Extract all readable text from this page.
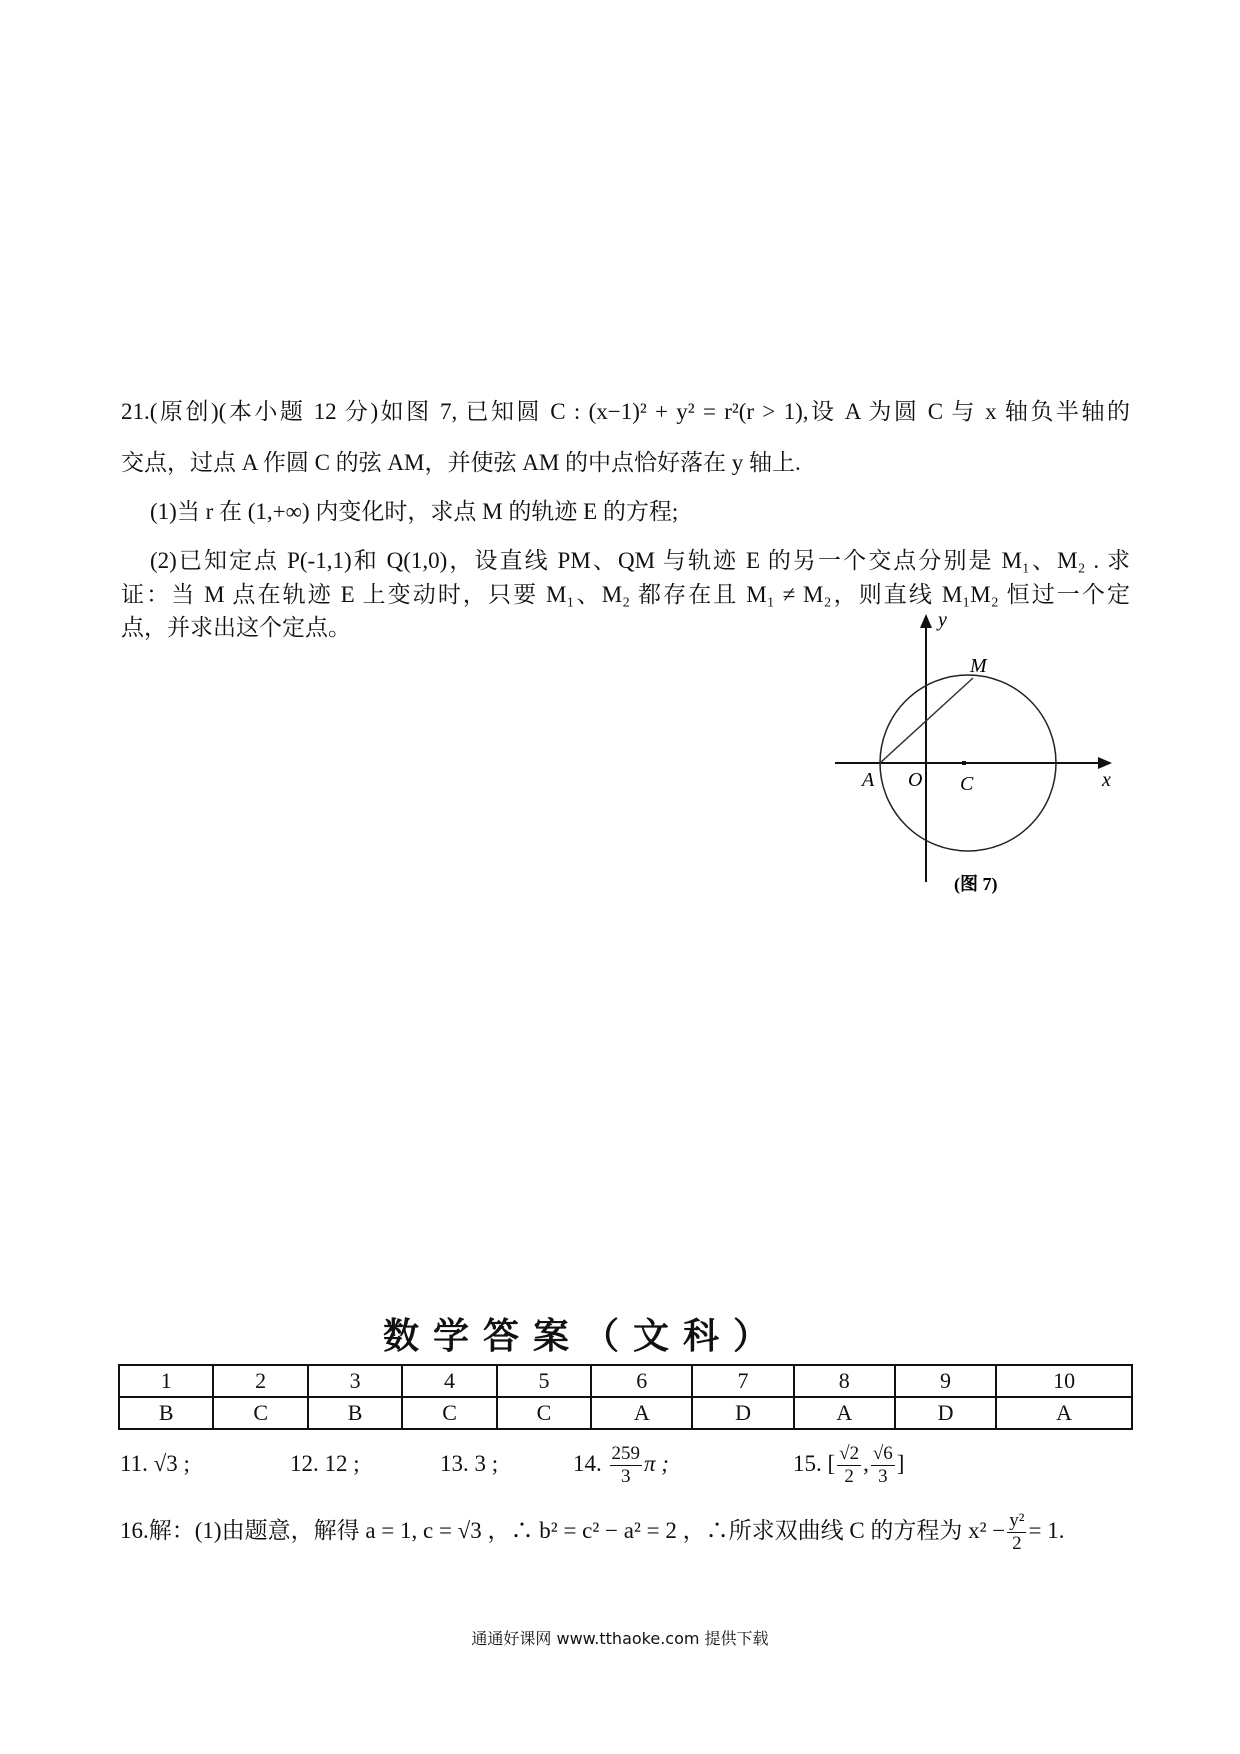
21.(原创)(本小题 12 分)如图 7, 已知圆 C : (x−1)² + y² = r²(r > 1),设 A 为圆 C 与 x 轴负半轴的
交点，过点 A 作圆 C 的弦 AM，并使弦 AM 的中点恰好落在 y 轴上.
(1)当 r 在 (1,+∞) 内变化时，求点 M 的轨迹 E 的方程;
(2)已知定点 P(-1,1)和 Q(1,0)，设直线 PM、QM 与轨迹 E 的另一个交点分别是 M₁、M₂ . 求
证：当 M 点在轨迹 E 上变动时，只要 M₁、M₂ 都存在且 M₁ ≠ M₂，则直线 M₁M₂ 恒过一个定
点，并求出这个定点。	y
x
A O C
M
(图 7)
数学答案（文科）
1	2	3	4	5	6	7	8	9	10
B	C	B	C	C	A	D	A	D	A
11. √3 ;	12. 12 ;	13. 3 ;	14. $\frac{259}{3}$ π ;	15. [ $\frac{√2}{2}$ , $\frac{√6}{3}$ ]
16.解：(1)由题意，解得 a = 1, c = √3 ，∴ b² = c² − a² = 2 ，∴所求双曲线 C 的方程为 $x^2 - \frac{\text{y²}}{2} = 1$.
通通好课网 www.tthaoke.com 提供下载
